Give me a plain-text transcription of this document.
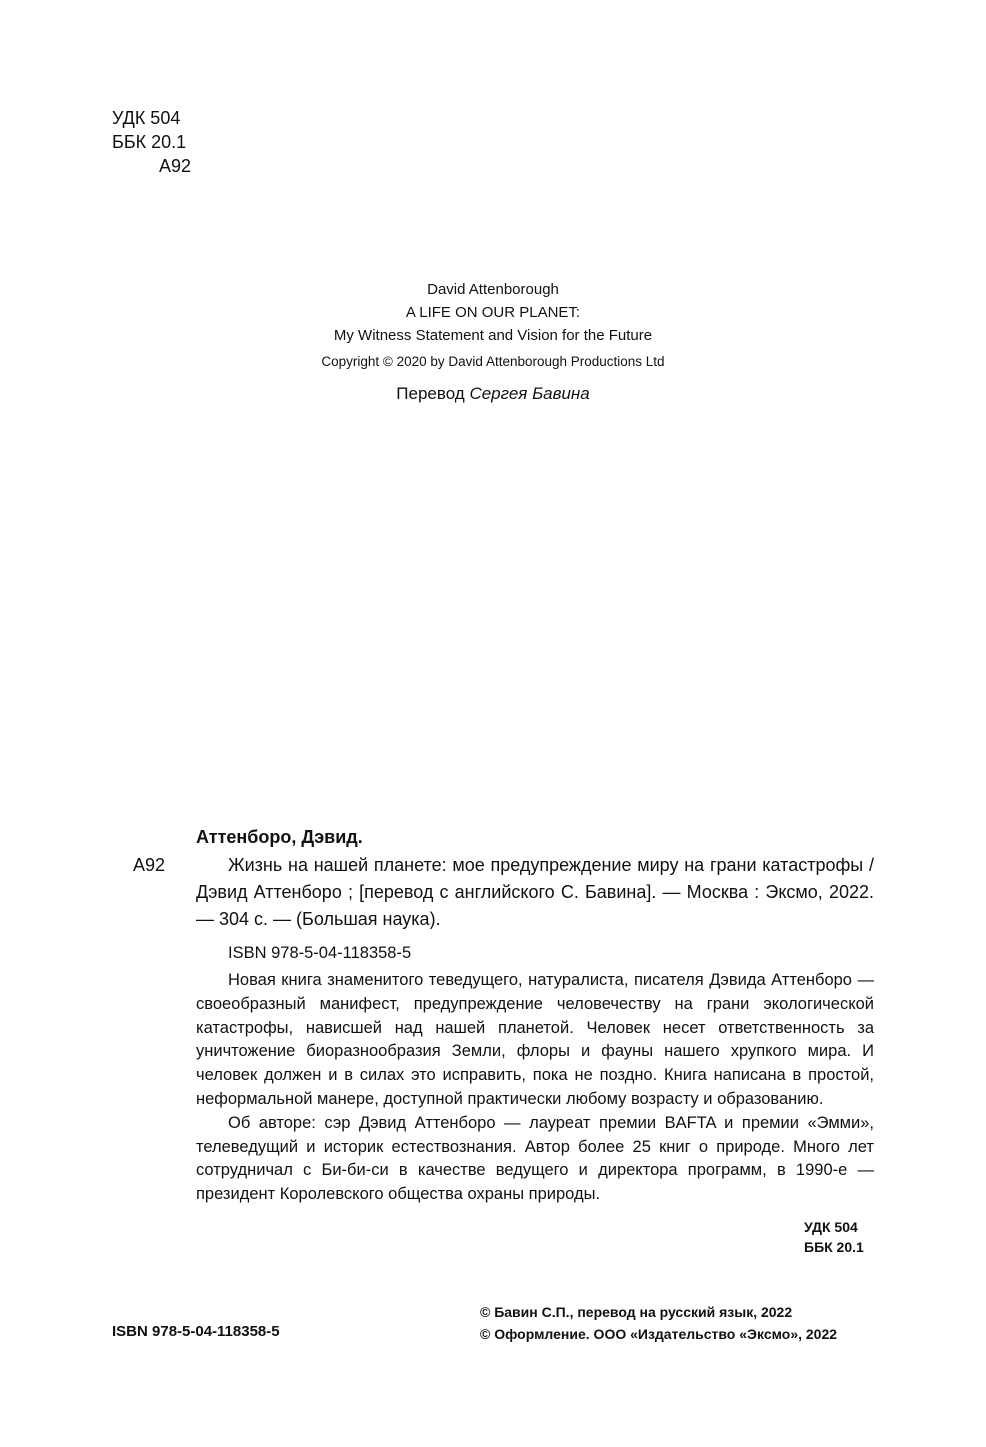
УДК 504
ББК 20.1
А92
David Attenborough
A LIFE ON OUR PLANET:
My Witness Statement and Vision for the Future
Copyright © 2020 by David Attenborough Productions Ltd
Перевод Сергея Бавина
Аттенборо, Дэвид.
А92	Жизнь на нашей планете: мое предупреждение миру на грани катастрофы / Дэвид Аттенборо ; [перевод с английского С. Бавина]. — Москва : Эксмо, 2022. — 304 с. — (Большая наука).
ISBN 978-5-04-118358-5

Новая книга знаменитого теведущего, натуралиста, писателя Дэвида Аттенборо — своеобразный манифест, предупреждение человечеству на грани экологической катастрофы, нависшей над нашей планетой. Человек несет ответственность за уничтожение биоразнообразия Земли, флоры и фауны нашего хрупкого мира. И человек должен и в силах это исправить, пока не поздно. Книга написана в простой, неформальной манере, доступной практически любому возрасту и образованию.

Об авторе: сэр Дэвид Аттенборо — лауреат премии BAFTA и премии «Эмми», телеведущий и историк естествознания. Автор более 25 книг о природе. Много лет сотрудничал с Би-би-си в качестве ведущего и директора программ, в 1990-е — президент Королевского общества охраны природы.

УДК 504
ББК 20.1
ISBN 978-5-04-118358-5
© Бавин С.П., перевод на русский язык, 2022
© Оформление. ООО «Издательство «Эксмо», 2022
